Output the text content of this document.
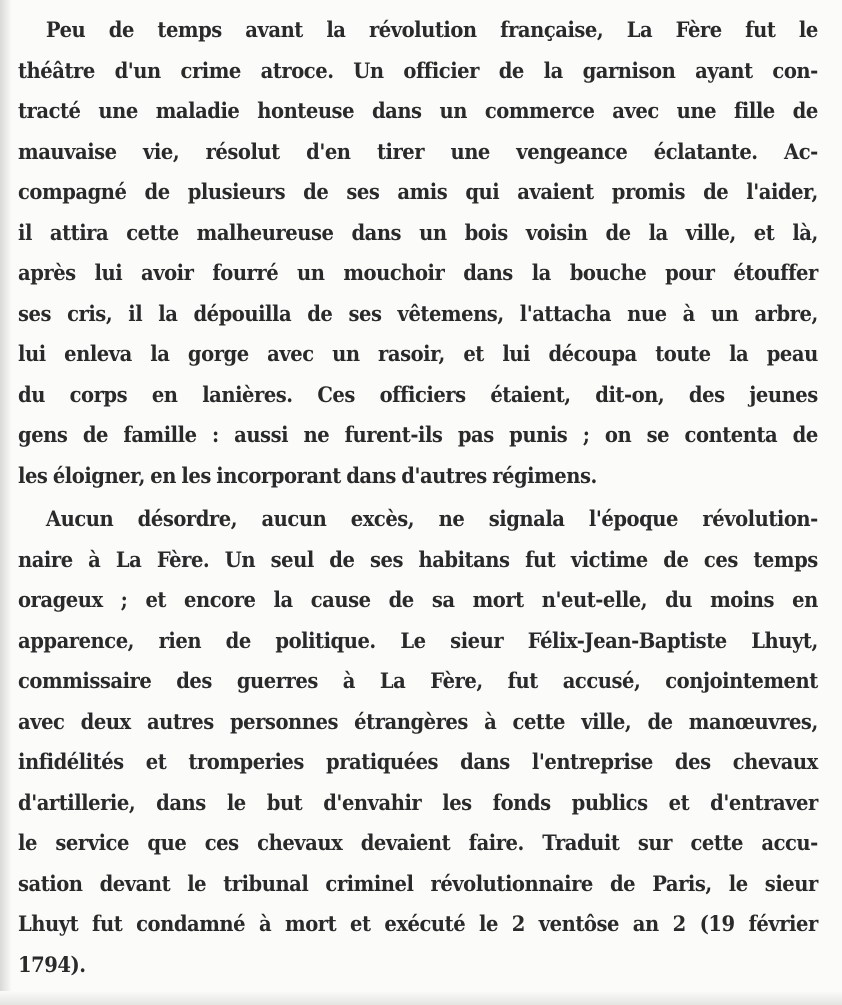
Peu de temps avant la révolution française, La Fère fut le
théâtre d'un crime atroce. Un officier de la garnison ayant con-
tracté une maladie honteuse dans un commerce avec une fille de
mauvaise vie, résolut d'en tirer une vengeance éclatante. Ac-
compagné de plusieurs de ses amis qui avaient promis de l'aider,
il attira cette malheureuse dans un bois voisin de la ville, et là,
après lui avoir fourré un mouchoir dans la bouche pour étouffer
ses cris, il la dépouilla de ses vêtemens, l'attacha nue à un arbre,
lui enleva la gorge avec un rasoir, et lui découpa toute la peau
du corps en lanières. Ces officiers étaient, dit-on, des jeunes
gens de famille : aussi ne furent-ils pas punis ; on se contenta de
les éloigner, en les incorporant dans d'autres régimens.
Aucun désordre, aucun excès, ne signala l'époque révolution-
naire à La Fère. Un seul de ses habitans fut victime de ces temps
orageux ; et encore la cause de sa mort n'eut-elle, du moins en
apparence, rien de politique. Le sieur Félix-Jean-Baptiste Lhuyt,
commissaire des guerres à La Fère, fut accusé, conjointement
avec deux autres personnes étrangères à cette ville, de manœuvres,
infidélités et tromperies pratiquées dans l'entreprise des chevaux
d'artillerie, dans le but d'envahir les fonds publics et d'entraver
le service que ces chevaux devaient faire. Traduit sur cette accu-
sation devant le tribunal criminel révolutionnaire de Paris, le sieur
Lhuyt fut condamné à mort et exécuté le 2 ventôse an 2 (19 février
1794).
